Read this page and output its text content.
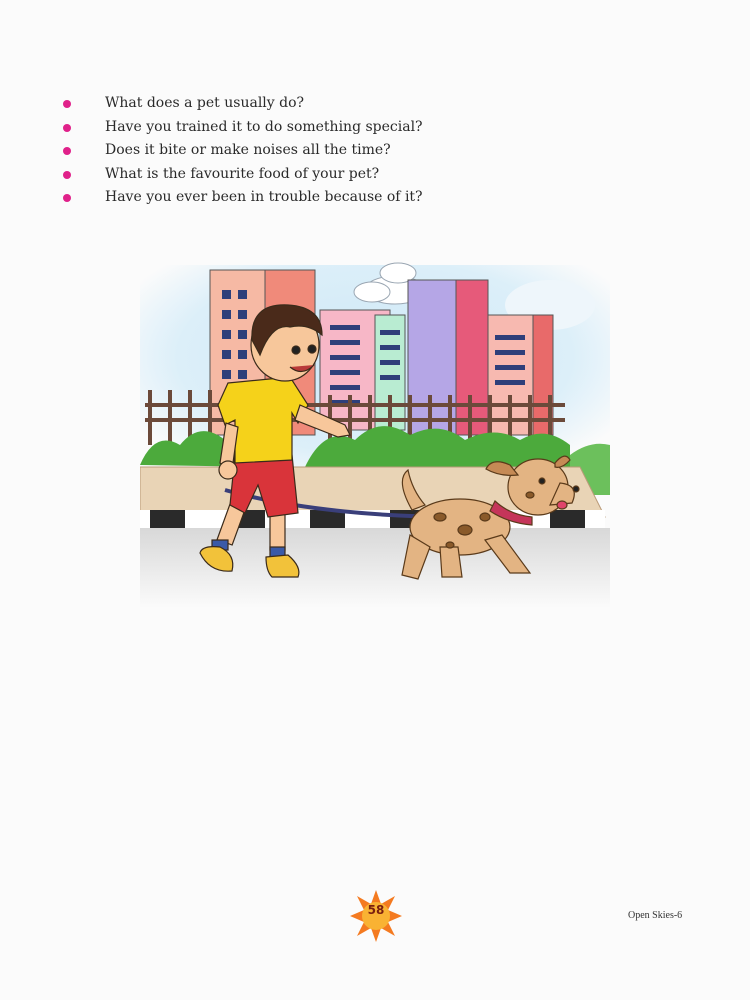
What does a pet usually do?
Have you trained it to do something special?
Does it bite or make noises all the time?
What is the favourite food of your pet?
Have you ever been in trouble because of it?
58	Open Skies-6
